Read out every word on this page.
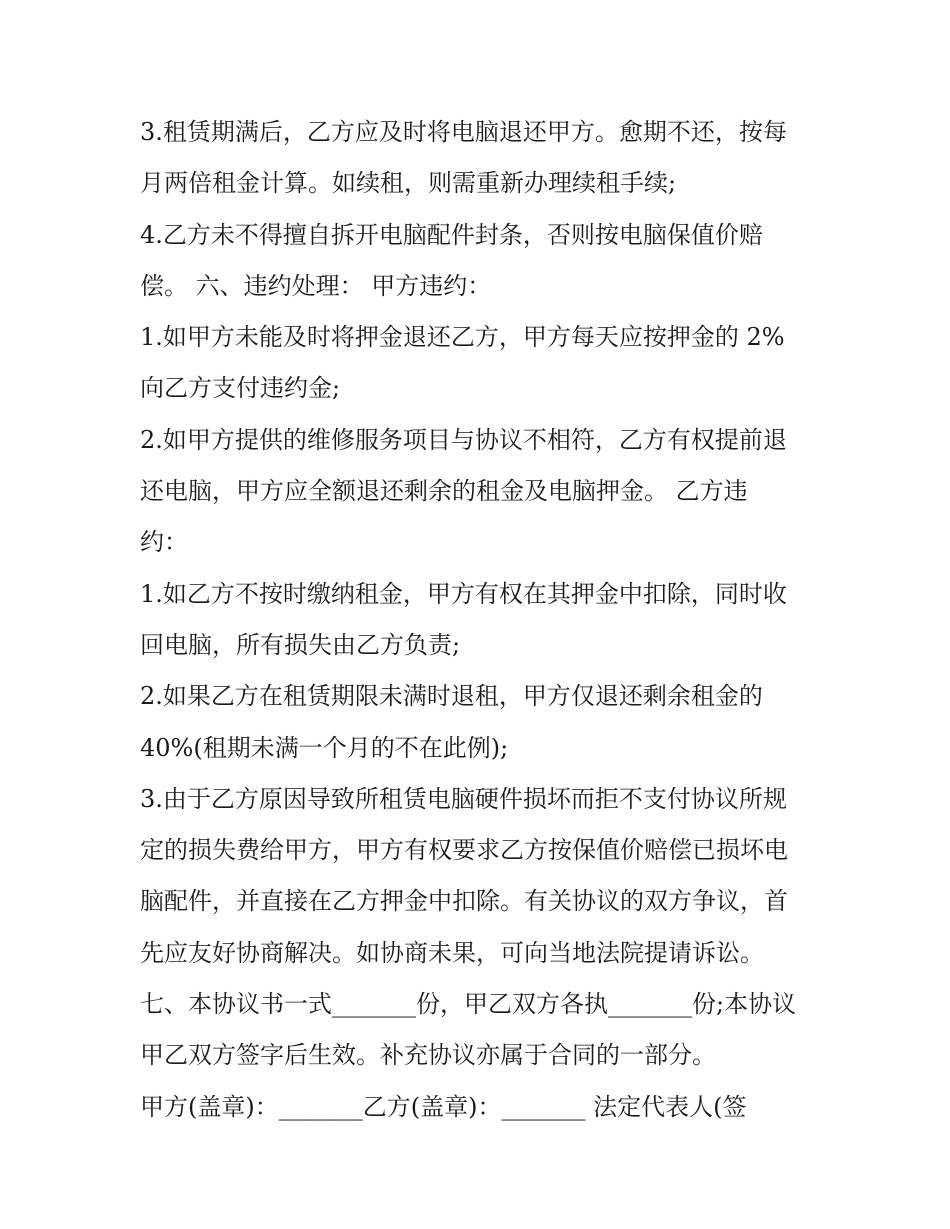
3.租赁期满后，乙方应及时将电脑退还甲方。愈期不还，按每
月两倍租金计算。如续租，则需重新办理续租手续;
4.乙方未不得擅自拆开电脑配件封条，否则按电脑保值价赔
偿。 六、违约处理： 甲方违约：
1.如甲方未能及时将押金退还乙方，甲方每天应按押金的 2%
向乙方支付违约金;
2.如甲方提供的维修服务项目与协议不相符，乙方有权提前退
还电脑，甲方应全额退还剩余的租金及电脑押金。 乙方违
约：
1.如乙方不按时缴纳租金，甲方有权在其押金中扣除，同时收
回电脑，所有损失由乙方负责;
2.如果乙方在租赁期限未满时退租，甲方仅退还剩余租金的
40%(租期未满一个月的不在此例);
3.由于乙方原因导致所租赁电脑硬件损坏而拒不支付协议所规
定的损失费给甲方，甲方有权要求乙方按保值价赔偿已损坏电
脑配件，并直接在乙方押金中扣除。有关协议的双方争议，首
先应友好协商解决。如协商未果，可向当地法院提请诉讼。
七、本协议书一式_______份，甲乙双方各执_______份;本协议
甲乙双方签字后生效。补充协议亦属于合同的一部分。
甲方(盖章)：_______乙方(盖章)：_______ 法定代表人(签
